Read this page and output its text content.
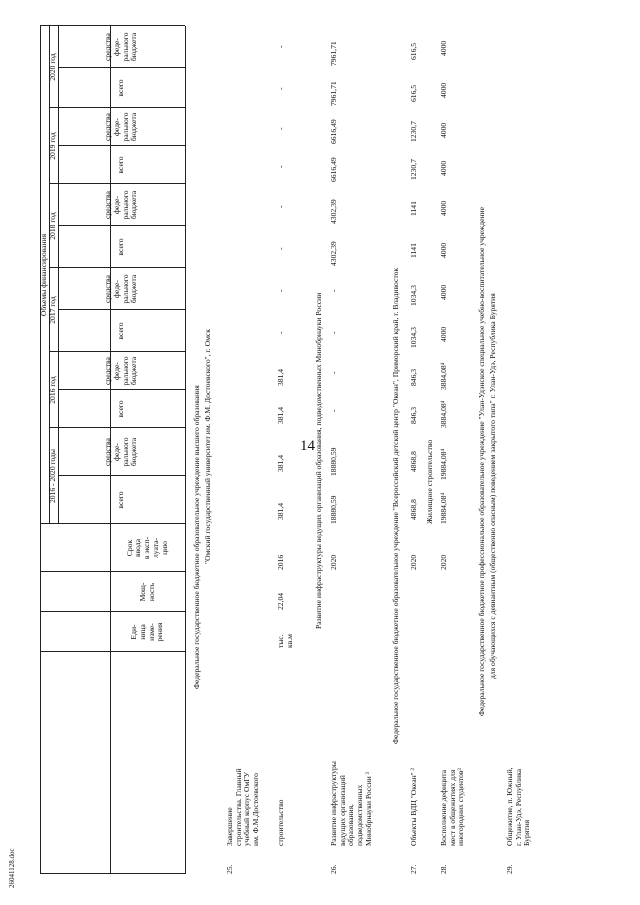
14
26041128.doc
Еди-
ница
изме-
рения
Мощ-
ность
Срок
ввода
в эксп-
луата-
цию
Объемы финансирования
2016 - 2020 годы
2016 год
2017 год
2018 год
2019 год
2020 год
всего
средства
феде-
рального
бюджета
всего
средства
феде-
рального
бюджета
всего
средства
феде-
рального
бюджета
всего
средства
феде-
рального
бюджета
всего
средства
феде-
рального
бюджета
всего
средства
феде-
рального
бюджета
Федеральное государственное бюджетное образовательное учреждение высшего образования "Омский государственный университет им. Ф.М. Достоевского", г. Омск
25.
Завершение
строительства. Главный
учебный корпус ОмГУ
им. Ф.М.Достоевского строительство
тыс.
кв.м
22,04
2016
381,4
381,4
381,4
381,4
-
-
-
-
-
-
-
-
Развитие инфраструктуры ведущих организаций образования, подведомственных Минобрнауки России
26.
Развитие инфраструктуры
ведущих организаций
образования,
подведомственных
Минобрнауки России ³
2020
18880,59
18880,59
-
-
-
-
4302,39
4302,39
6616,49
6616,49
7961,71
7961,71
Федеральное государственное бюджетное образовательное учреждение "Всероссийский детский центр "Океан", Приморский край, г. Владивосток
27.
Объекты ВДЦ "Океан" ³
2020
4868,8
4868,8
846,3
846,3
1034,3
1034,3
1141
1141
1230,7
1230,7
616,5
616,5
Жилищное строительство
28.
Восполнение дефицита
мест в общежитиях для
иногородних студентов³
2020
19884,08⁴
19884,08⁴
3884,08⁴
3884,08⁴
4000
4000
4000
4000
4000
4000
4000
4000
Федеральное государственное бюджетное профессиональное образовательное учреждение "Улан-Удэнское специальное учебно-воспитательное учреждение для обучающихся с девиантным (общественно опасным) поведением закрытого типа" г. Улан-Удэ, Республика Бурятия
29.
Общежитие, п. Южный,
г. Улан-Удэ, Республика
Бурятия
